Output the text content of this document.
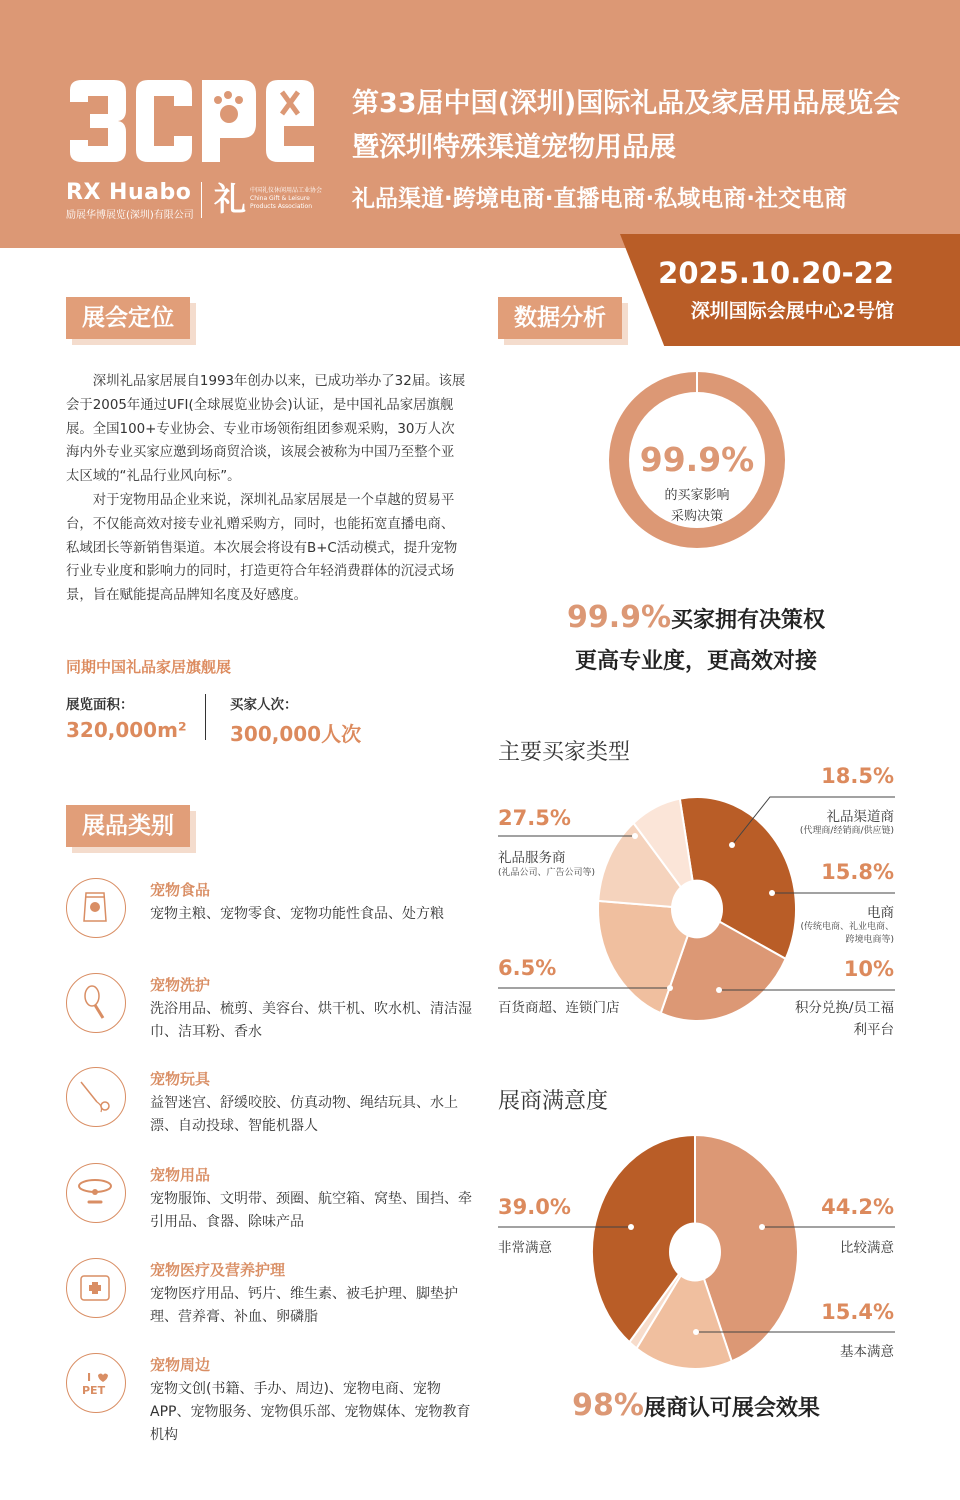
RX Huabo
励展华博展览(深圳)有限公司 礼 中国礼仪休闲用品工业协会 China Gift & Leisure Products Association
第33届中国(深圳)国际礼品及家居用品展览会
暨深圳特殊渠道宠物用品展
礼品渠道·跨境电商·直播电商·私域电商·社交电商
2025.10.20-22
深圳国际会展中心2号馆
展会定位

深圳礼品家居展自1993年创办以来，已成功举办了32届。该展会于2005年通过UFI(全球展览业协会)认证，是中国礼品家居旗舰展。全国100+专业协会、专业市场领衔组团参观采购，30万人次海内外专业买家应邀到场商贸洽谈，该展会被称为中国乃至整个亚太区域的“礼品行业风向标”。

对于宠物用品企业来说，深圳礼品家居展是一个卓越的贸易平台，不仅能高效对接专业礼赠采购方，同时，也能拓宽直播电商、私域团长等新销售渠道。本次展会将设有B+C活动模式，提升宠物行业专业度和影响力的同时，打造更符合年轻消费群体的沉浸式场景，旨在赋能提高品牌知名度及好感度。

同期中国礼品家居旗舰展
展览面积：
320,000m²
买家人次：
300,000人次
展品类别
宠物食品
宠物主粮、宠物零食、宠物功能性食品、处方粮
宠物洗护
洗浴用品、梳剪、美容台、烘干机、吹水机、清洁湿巾、洁耳粉、香水
宠物玩具
益智迷宫、舒缓咬胶、仿真动物、绳结玩具、水上漂、自动投球、智能机器人
宠物用品
宠物服饰、文明带、颈圈、航空箱、窝垫、围挡、牵引用品、食器、除味产品
宠物医疗及营养护理
宠物医疗用品、钙片、维生素、被毛护理、脚垫护理、营养膏、补血、卵磷脂
I
PET
宠物周边
宠物文创(书籍、手办、周边)、宠物电商、宠物APP、宠物服务、宠物俱乐部、宠物媒体、宠物教育机构
数据分析
99.9%
的买家影响
采购决策
99.9%买家拥有决策权
更高专业度，更高效对接
主要买家类型
27.5%
礼品服务商
(礼品公司、广告公司等)
18.5%
礼品渠道商
(代理商/经销商/供应链)
15.8%
电商
(传统电商、礼业电商、跨境电商等)
10%
积分兑换/员工福利平台
6.5%
百货商超、连锁门店
展商满意度
39.0%
非常满意
44.2%
比较满意
15.4%
基本满意
98%展商认可展会效果
